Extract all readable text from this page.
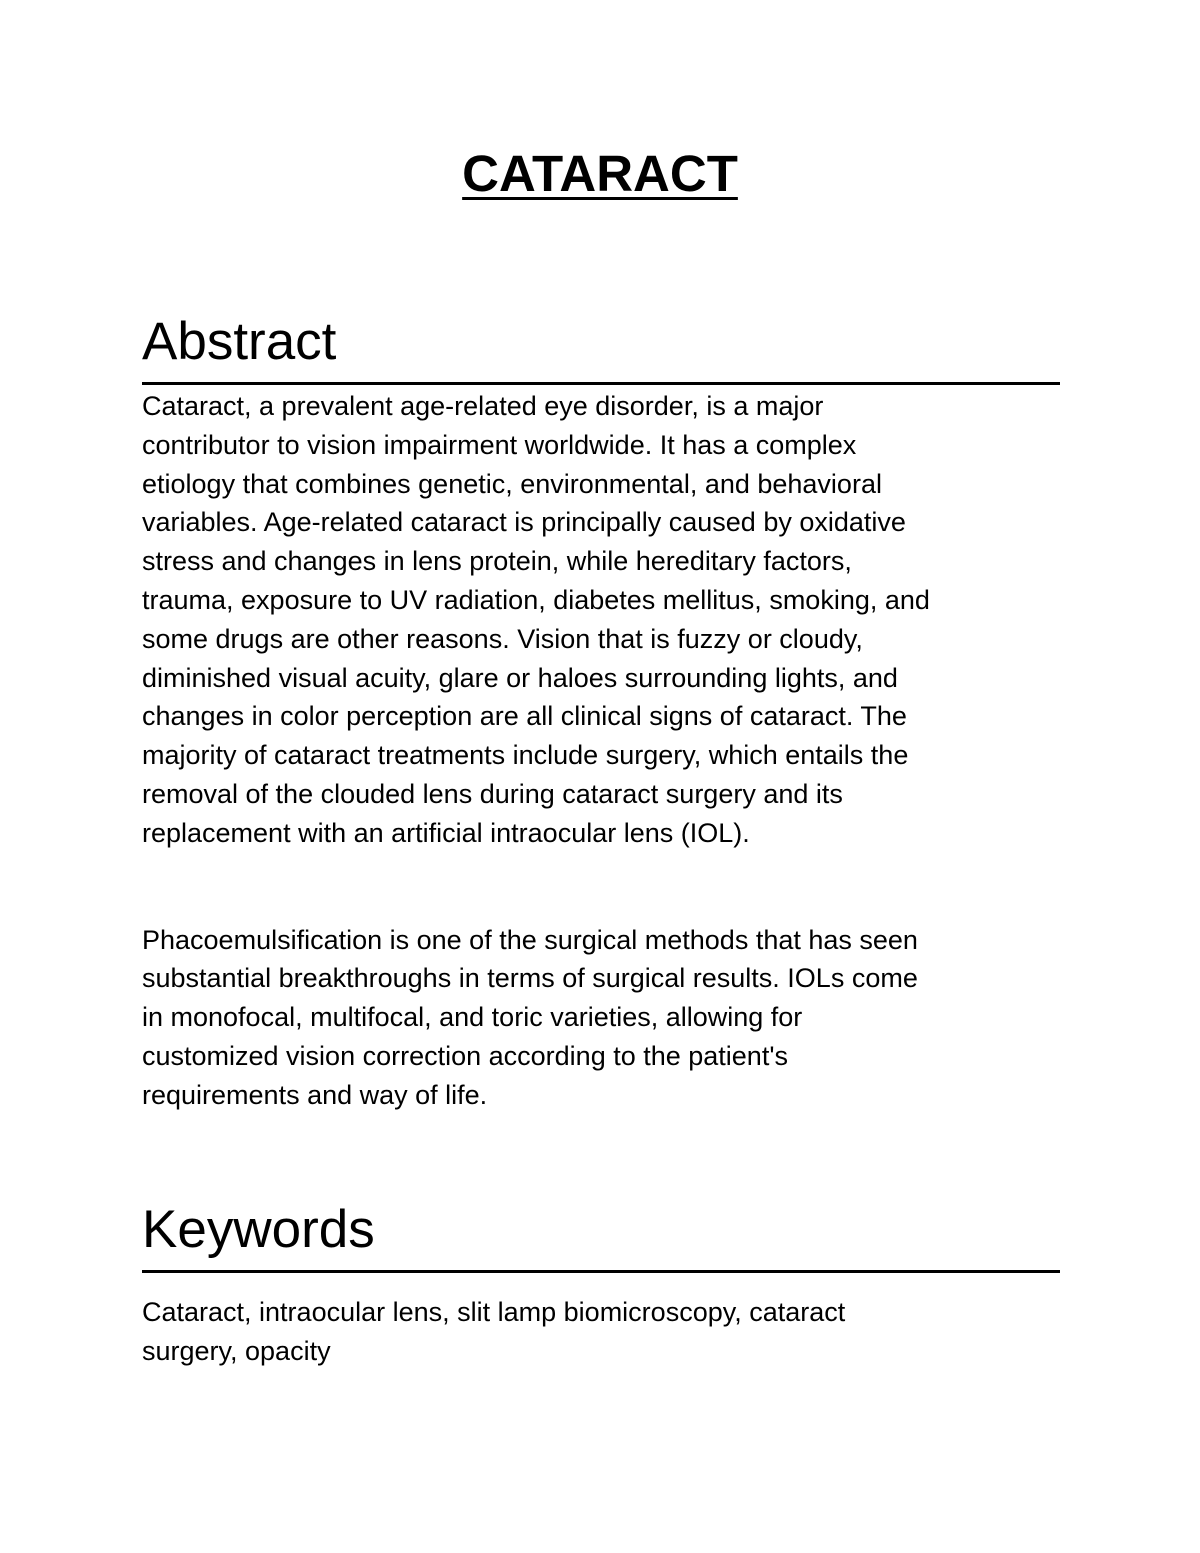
CATARACT
Abstract

Cataract, a prevalent age-related eye disorder, is a major
contributor to vision impairment worldwide. It has a complex
etiology that combines genetic, environmental, and behavioral
variables. Age-related cataract is principally caused by oxidative
stress and changes in lens protein, while hereditary factors,
trauma, exposure to UV radiation, diabetes mellitus, smoking, and
some drugs are other reasons. Vision that is fuzzy or cloudy,
diminished visual acuity, glare or haloes surrounding lights, and
changes in color perception are all clinical signs of cataract. The
majority of cataract treatments include surgery, which entails the
removal of the clouded lens during cataract surgery and its
replacement with an artificial intraocular lens (IOL).

Phacoemulsification is one of the surgical methods that has seen
substantial breakthroughs in terms of surgical results. IOLs come
in monofocal, multifocal, and toric varieties, allowing for
customized vision correction according to the patient's
requirements and way of life.

Keywords

Cataract, intraocular lens, slit lamp biomicroscopy, cataract
surgery, opacity
